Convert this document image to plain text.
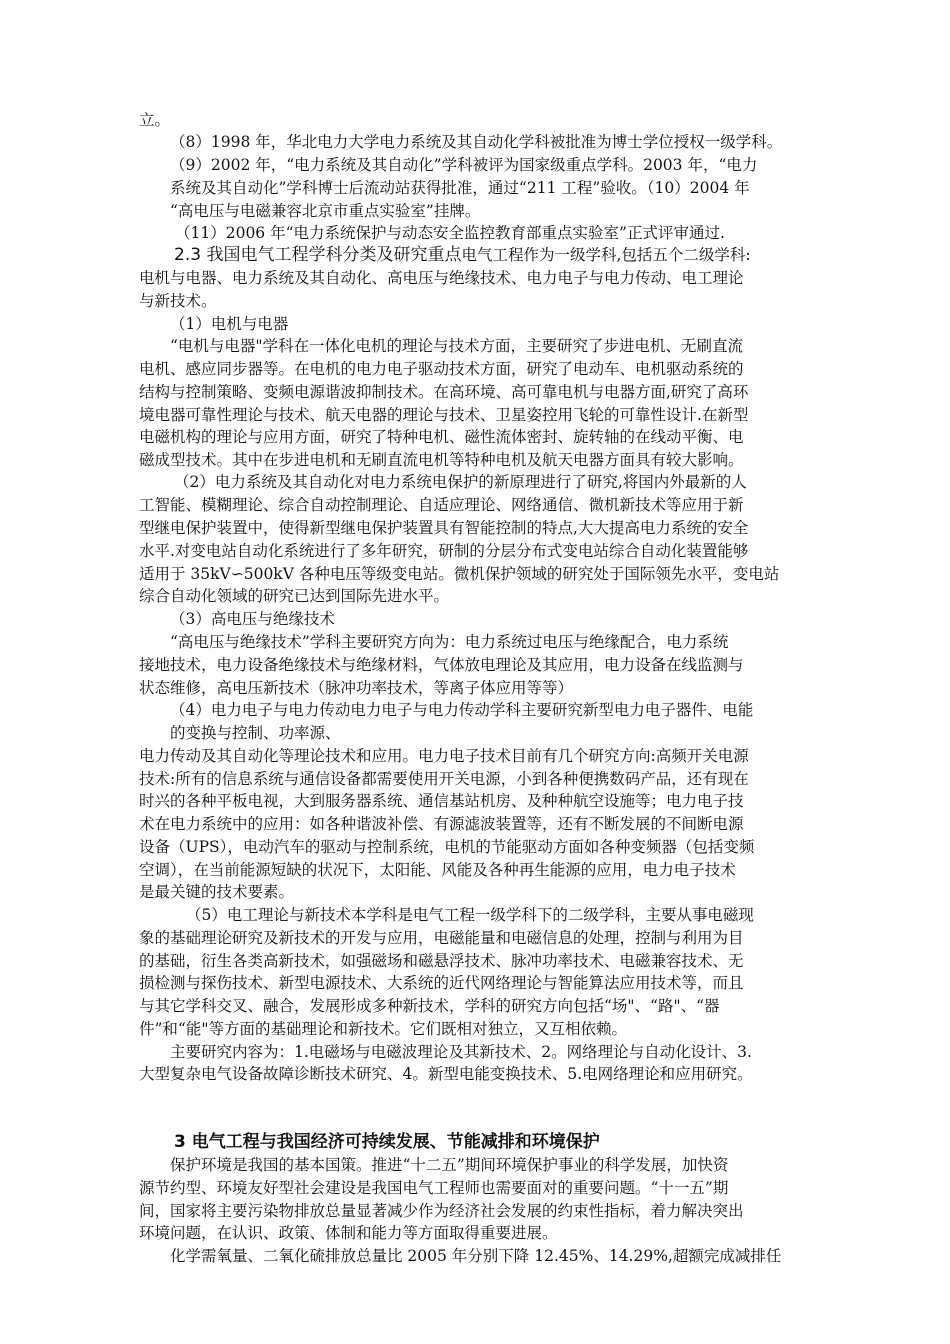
立。
（8）1998 年，华北电力大学电力系统及其自动化学科被批准为博士学位授权一级学科。
（9）2002 年，“电力系统及其自动化”学科被评为国家级重点学科。2003 年，“电力
系统及其自动化”学科博士后流动站获得批准，通过“211 工程”验收。（10）2004 年
“高电压与电磁兼容北京市重点实验室”挂牌。
（11）2006 年“电力系统保护与动态安全监控教育部重点实验室”正式评审通过.
2.3 我国电气工程学科分类及研究重点电气工程作为一级学科,包括五个二级学科:
电机与电器、电力系统及其自动化、高电压与绝缘技术、电力电子与电力传动、电工理论
与新技术。
（1）电机与电器
“电机与电器"学科在一体化电机的理论与技术方面，主要研究了步进电机、无刷直流
电机、感应同步器等。在电机的电力电子驱动技术方面，研究了电动车、电机驱动系统的
结构与控制策略、变频电源谐波抑制技术。在高环境、高可靠电机与电器方面,研究了高环
境电器可靠性理论与技术、航天电器的理论与技术、卫星姿控用飞轮的可靠性设计.在新型
电磁机构的理论与应用方面，研究了特种电机、磁性流体密封、旋转轴的在线动平衡、电
磁成型技术。其中在步进电机和无刷直流电机等特种电机及航天电器方面具有较大影响。
（2）电力系统及其自动化对电力系统电保护的新原理进行了研究,将国内外最新的人
工智能、模糊理论、综合自动控制理论、自适应理论、网络通信、微机新技术等应用于新
型继电保护装置中，使得新型继电保护装置具有智能控制的特点,大大提高电力系统的安全
水平.对变电站自动化系统进行了多年研究，研制的分层分布式变电站综合自动化装置能够
适用于 35kV∽500kV 各种电压等级变电站。微机保护领域的研究处于国际领先水平，变电站
综合自动化领域的研究已达到国际先进水平。
（3）高电压与绝缘技术
“高电压与绝缘技术”学科主要研究方向为：电力系统过电压与绝缘配合，电力系统
接地技术，电力设备绝缘技术与绝缘材料，气体放电理论及其应用，电力设备在线监测与
状态维修，高电压新技术（脉冲功率技术，等离子体应用等等）
（4）电力电子与电力传动电力电子与电力传动学科主要研究新型电力电子器件、电能
的变换与控制、功率源、
电力传动及其自动化等理论技术和应用。电力电子技术目前有几个研究方向:高频开关电源
技术:所有的信息系统与通信设备都需要使用开关电源，小到各种便携数码产品，还有现在
时兴的各种平板电视，大到服务器系统、通信基站机房、及种种航空设施等；电力电子技
术在电力系统中的应用：如各种谐波补偿、有源滤波装置等，还有不断发展的不间断电源
设备（UPS），电动汽车的驱动与控制系统，电机的节能驱动方面如各种变频器（包括变频
空调），在当前能源短缺的状况下，太阳能、风能及各种再生能源的应用，电力电子技术
是最关键的技术要素。
（5）电工理论与新技术本学科是电气工程一级学科下的二级学科，主要从事电磁现
象的基础理论研究及新技术的开发与应用，电磁能量和电磁信息的处理，控制与利用为目
的基础，衍生各类高新技术，如强磁场和磁悬浮技术、脉冲功率技术、电磁兼容技术、无
损检测与探伤技术、新型电源技术、大系统的近代网络理论与智能算法应用技术等，而且
与其它学科交叉、融合，发展形成多种新技术，学科的研究方向包括“场"、“路"、“器
件”和“能"等方面的基础理论和新技术。它们既相对独立，又互相依赖。
主要研究内容为：1.电磁场与电磁波理论及其新技术、2。网络理论与自动化设计、3.
大型复杂电气设备故障诊断技术研究、4。新型电能变换技术、5.电网络理论和应用研究。
3 电气工程与我国经济可持续发展、节能减排和环境保护
保护环境是我国的基本国策。推进“十二五”期间环境保护事业的科学发展，加快资
源节约型、环境友好型社会建设是我国电气工程师也需要面对的重要问题。“十一五”期
间，国家将主要污染物排放总量显著减少作为经济社会发展的约束性指标，着力解决突出
环境问题，在认识、政策、体制和能力等方面取得重要进展。
化学需氧量、二氧化硫排放总量比 2005 年分别下降 12.45%、14.29%,超额完成减排任
